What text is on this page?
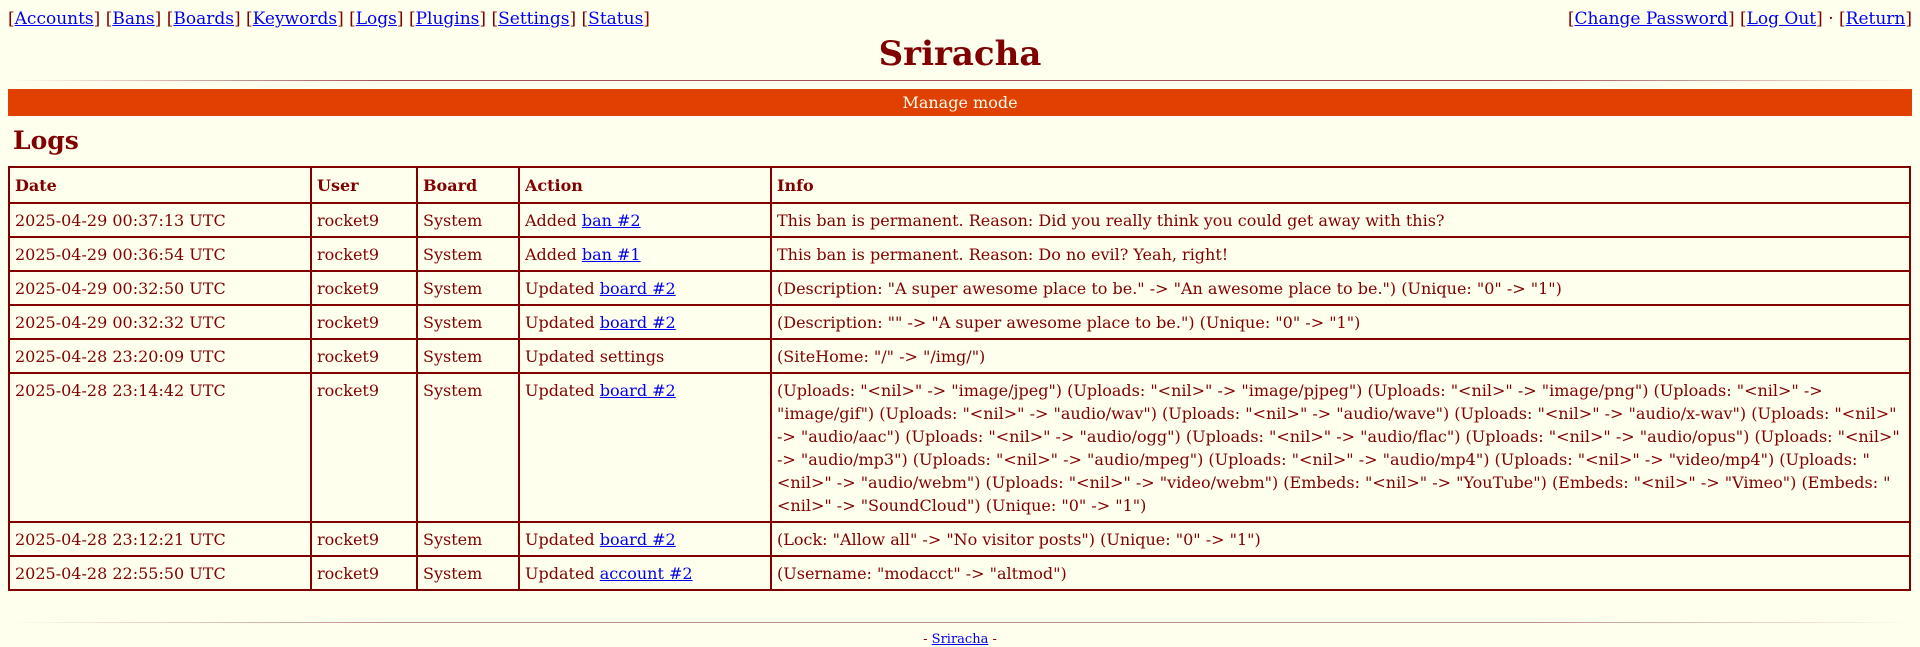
[Accounts] [Bans] [Boards] [Keywords] [Logs] [Plugins] [Settings] [Status]	[Change Password] [Log Out] · [Return]
Sriracha
Manage mode
Logs
Date	User	Board	Action	Info
2025-04-29 00:37:13 UTC	rocket9	System	Added ban #2	This ban is permanent. Reason: Did you really think you could get away with this?
2025-04-29 00:36:54 UTC	rocket9	System	Added ban #1	This ban is permanent. Reason: Do no evil? Yeah, right!
2025-04-29 00:32:50 UTC	rocket9	System	Updated board #2	(Description: "A super awesome place to be." -> "An awesome place to be.") (Unique: "0" -> "1")
2025-04-29 00:32:32 UTC	rocket9	System	Updated board #2	(Description: "" -> "A super awesome place to be.") (Unique: "0" -> "1")
2025-04-28 23:20:09 UTC	rocket9	System	Updated settings	(SiteHome: "/" -> "/img/")
2025-04-28 23:14:42 UTC	rocket9	System	Updated board #2	(Uploads: "<nil>" -> "image/jpeg") (Uploads: "<nil>" -> "image/pjpeg") (Uploads: "<nil>" -> "image/png") (Uploads: "<nil>" -> "image/gif") (Uploads: "<nil>" -> "audio/wav") (Uploads: "<nil>" -> "audio/wave") (Uploads: "<nil>" -> "audio/x-wav") (Uploads: "<nil>" -> "audio/aac") (Uploads: "<nil>" -> "audio/ogg") (Uploads: "<nil>" -> "audio/flac") (Uploads: "<nil>" -> "audio/opus") (Uploads: "<nil>" -> "audio/mp3") (Uploads: "<nil>" -> "audio/mpeg") (Uploads: "<nil>" -> "audio/mp4") (Uploads: "<nil>" -> "video/mp4") (Uploads: "<nil>" -> "audio/webm") (Uploads: "<nil>" -> "video/webm") (Embeds: "<nil>" -> "YouTube") (Embeds: "<nil>" -> "Vimeo") (Embeds: "<nil>" -> "SoundCloud") (Unique: "0" -> "1")
2025-04-28 23:12:21 UTC	rocket9	System	Updated board #2	(Lock: "Allow all" -> "No visitor posts") (Unique: "0" -> "1")
2025-04-28 22:55:50 UTC	rocket9	System	Updated account #2	(Username: "modacct" -> "altmod")
- Sriracha -
